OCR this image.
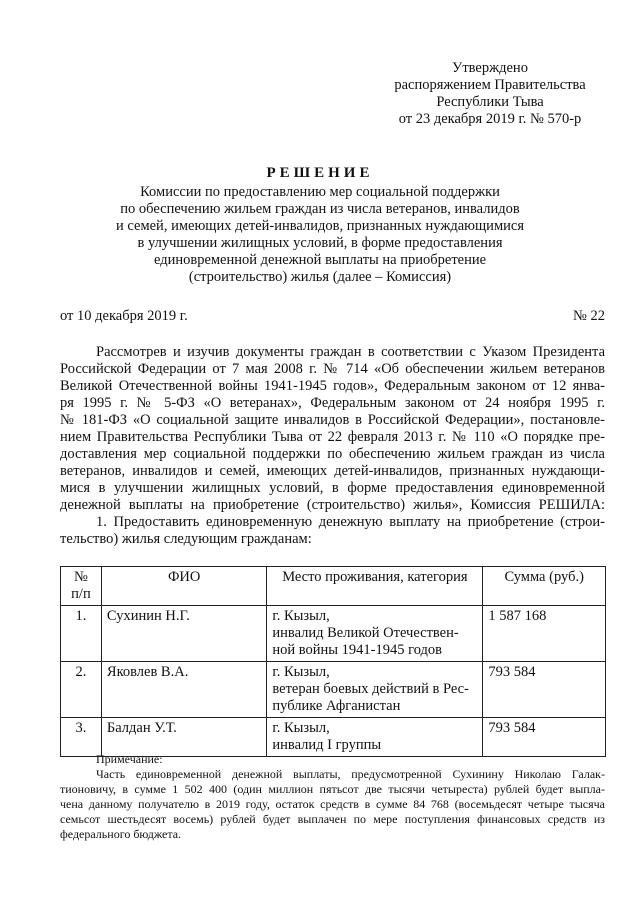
Утверждено
распоряжением Правительства
Республики Тыва
от 23 декабря 2019 г. № 570-р
РЕШЕНИЕ
Комиссии по предоставлению мер социальной поддержки
по обеспечению жильем граждан из числа ветеранов, инвалидов
и семей, имеющих детей-инвалидов, признанных нуждающимися
в улучшении жилищных условий, в форме предоставления
единовременной денежной выплаты на приобретение
(строительство) жилья (далее – Комиссия)
от 10 декабря 2019 г.	№ 22
Рассмотрев и изучив документы граждан в соответствии с Указом Президента
Российской Федерации от 7 мая 2008 г. № 714 «Об обеспечении жильем ветеранов
Великой Отечественной войны 1941-1945 годов», Федеральным законом от 12 янва-
ря 1995 г. № 5-ФЗ «О ветеранах», Федеральным законом от 24 ноября 1995 г.
№ 181-ФЗ «О социальной защите инвалидов в Российской Федерации», постановле-
нием Правительства Республики Тыва от 22 февраля 2013 г. № 110 «О порядке пре-
доставления мер социальной поддержки по обеспечению жильем граждан из числа
ветеранов, инвалидов и семей, имеющих детей-инвалидов, признанных нуждающи-
мися в улучшении жилищных условий, в форме предоставления единовременной
денежной выплаты на приобретение (строительство) жилья», Комиссия РЕШИЛА:
1. Предоставить единовременную денежную выплату на приобретение (строи-
тельство) жилья следующим гражданам:
№
п/п	ФИО	Место проживания, категория	Сумма (руб.)
1.	Сухинин Н.Г.	г. Кызыл,
инвалид Великой Отечествен-
ной войны 1941-1945 годов	1 587 168
2.	Яковлев В.А.	г. Кызыл,
ветеран боевых действий в Рес-
публике Афганистан	793 584
3.	Балдан У.Т.	г. Кызыл,
инвалид I группы	793 584
Примечание:
Часть единовременной денежной выплаты, предусмотренной Сухинину Николаю Галак-
тионовичу, в сумме 1 502 400 (один миллион пятьсот две тысячи четыреста) рублей будет выпла-
чена данному получателю в 2019 году, остаток средств в сумме 84 768 (восемьдесят четыре тысяча
семьсот шестьдесят восемь) рублей будет выплачен по мере поступления финансовых средств из
федерального бюджета.
